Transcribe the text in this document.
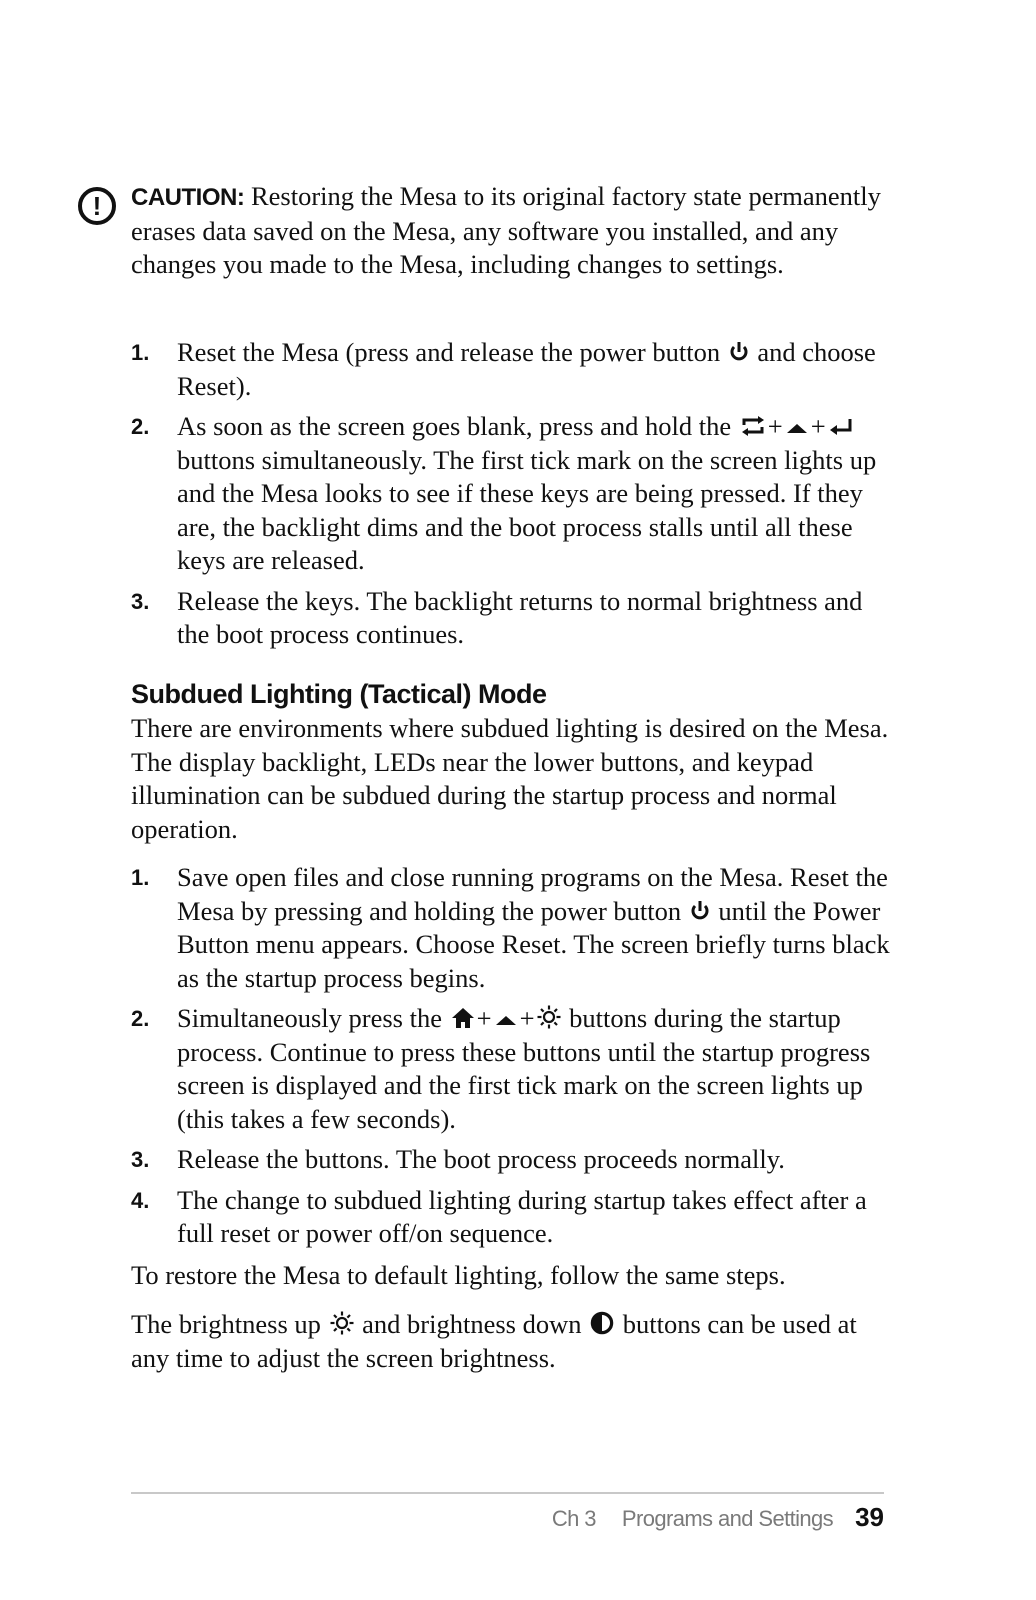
!	CAUTION: Restoring the Mesa to its original factory state permanently erases data saved on the Mesa, any software you installed, and any changes you made to the Mesa, including changes to settings.
1. Reset the Mesa (press and release the power button  and choose Reset).
2. As soon as the screen goes blank, press and hold the + + buttons simultaneously. The first tick mark on the screen lights up and the Mesa looks to see if these keys are being pressed. If they are, the backlight dims and the boot process stalls until all these keys are released.
3. Release the keys. The backlight returns to normal brightness and the boot process continues.
Subdued Lighting (Tactical) Mode
There are environments where subdued lighting is desired on the Mesa. The display backlight, LEDs near the lower buttons, and keypad illumination can be subdued during the startup process and normal operation.
1. Save open files and close running programs on the Mesa. Reset the Mesa by pressing and holding the power button  until the Power Button menu appears. Choose Reset. The screen briefly turns black as the startup process begins.
2. Simultaneously press the + + buttons during the startup process. Continue to press these buttons until the startup progress screen is displayed and the first tick mark on the screen lights up (this takes a few seconds).
3. Release the buttons. The boot process proceeds normally.
4. The change to subdued lighting during startup takes effect after a full reset or power off/on sequence.
To restore the Mesa to default lighting, follow the same steps.
The brightness up  and brightness down  buttons can be used at any time to adjust the screen brightness.
Ch 3 Programs and Settings 39
